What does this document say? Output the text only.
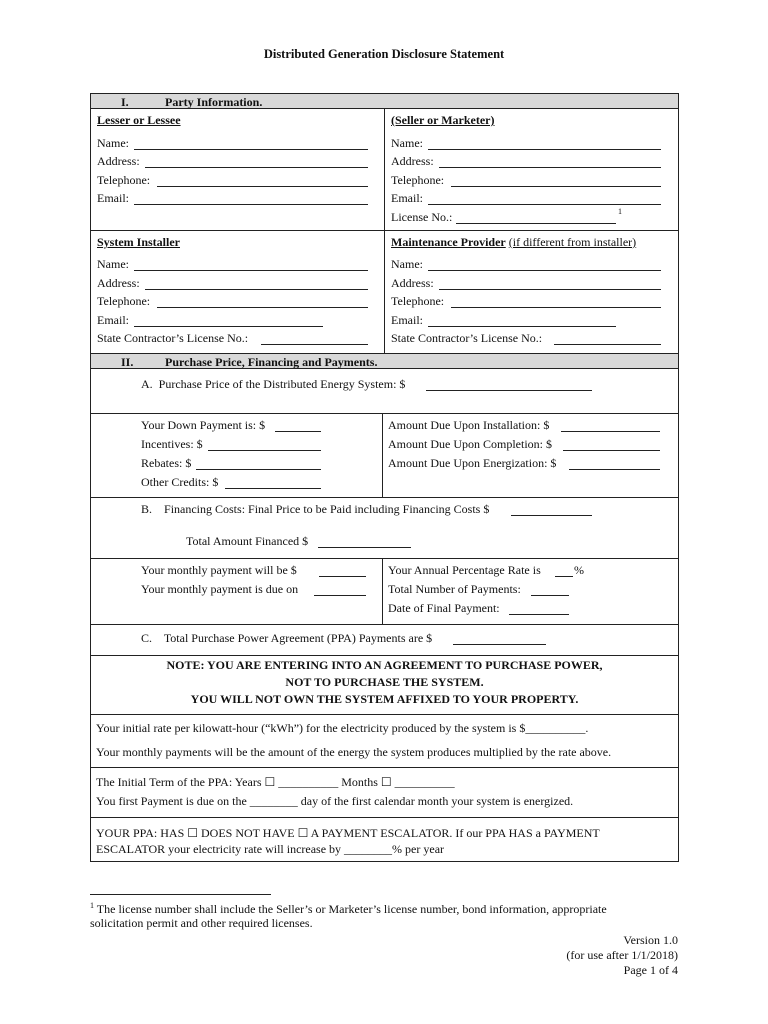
Distributed Generation Disclosure Statement
I.	Party Information.
Lesser or Lessee
Name:
Address:
Telephone:
Email:
(Seller or Marketer)
Name:
Address:
Telephone:
Email:
License No.:	1
System Installer
Name:
Address:
Telephone:
Email:
State Contractor’s License No.:
Maintenance Provider (if different from installer)
Name:
Address:
Telephone:
Email:
State Contractor’s License No.:
II.	Purchase Price, Financing and Payments.
A. Purchase Price of the Distributed Energy System: $
Your Down Payment is: $
Incentives: $
Rebates: $
Other Credits: $
Amount Due Upon Installation: $
Amount Due Upon Completion: $
Amount Due Upon Energization: $
B. Financing Costs: Final Price to be Paid including Financing Costs $
Total Amount Financed $
Your monthly payment will be $
Your monthly payment is due on
Your Annual Percentage Rate is	%
Total Number of Payments:
Date of Final Payment:
C. Total Purchase Power Agreement (PPA) Payments are $
NOTE: YOU ARE ENTERING INTO AN AGREEMENT TO PURCHASE POWER,
NOT TO PURCHASE THE SYSTEM.
YOU WILL NOT OWN THE SYSTEM AFFIXED TO YOUR PROPERTY.
Your initial rate per kilowatt-hour (“kWh”) for the electricity produced by the system is $__________.
Your monthly payments will be the amount of the energy the system produces multiplied by the rate above.
The Initial Term of the PPA: Years ☐ __________ Months ☐ __________
You first Payment is due on the ________ day of the first calendar month your system is energized.
YOUR PPA: HAS ☐ DOES NOT HAVE ☐ A PAYMENT ESCALATOR. If our PPA HAS a PAYMENT
ESCALATOR your electricity rate will increase by ________% per year
$^1$ The license number shall include the Seller’s or Marketer’s license number, bond information, appropriate
solicitation permit and other required licenses.
Version 1.0
(for use after 1/1/2018)
Page 1 of 4
